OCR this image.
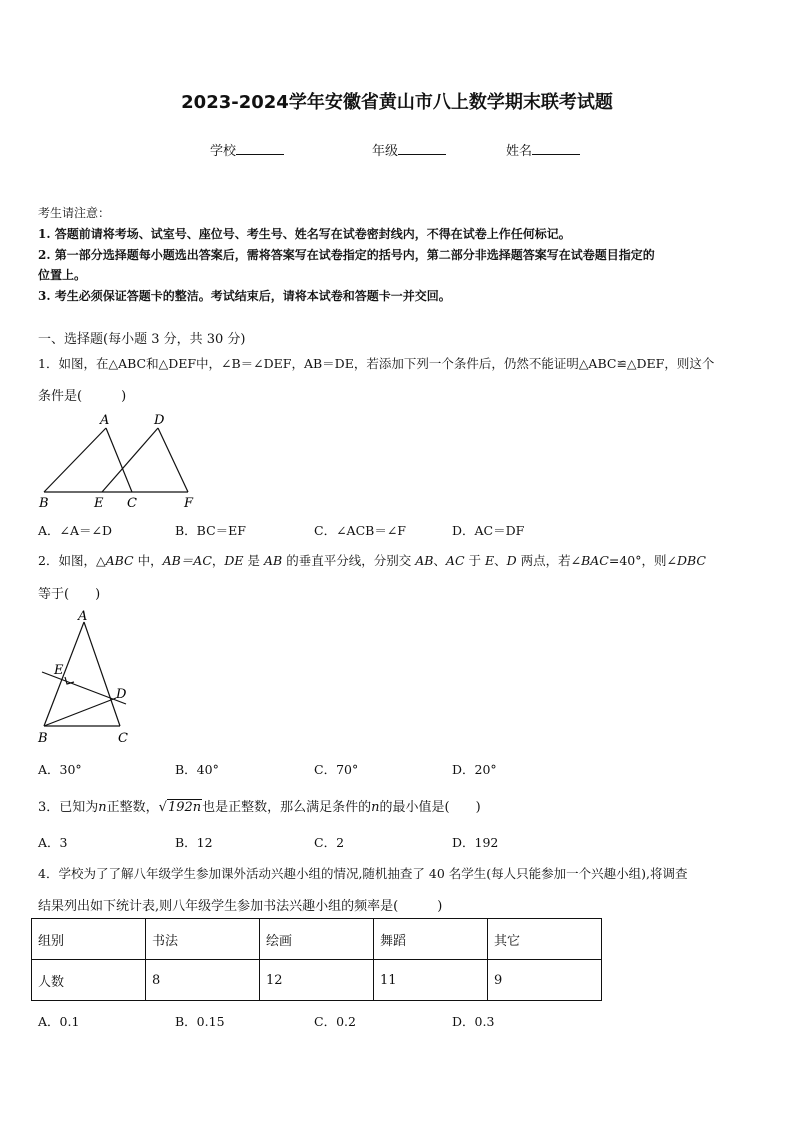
2023-2024学年安徽省黄山市八上数学期末联考试题
学校	年级	姓名
考生请注意：
1. 答题前请将考场、试室号、座位号、考生号、姓名写在试卷密封线内，不得在试卷上作任何标记。
2. 第一部分选择题每小题选出答案后，需将答案写在试卷指定的括号内，第二部分非选择题答案写在试卷题目指定的
位置上。
3. 考生必须保证答题卡的整洁。考试结束后，请将本试卷和答题卡一并交回。
一、选择题(每小题 3 分，共 30 分)
1．如图，在△ABC和△DEF中，∠B＝∠DEF，AB＝DE，若添加下列一个条件后，仍然不能证明△ABC≌△DEF，则这个
条件是(　　　)
A	D
B	E C	F
A．∠A＝∠D	B．BC＝EF	C．∠ACB＝∠F	D．AC＝DF
2．如图，△ABC 中，AB＝AC，DE 是 AB 的垂直平分线，分别交 AB、AC 于 E、D 两点，若∠BAC=40°，则∠DBC
等于(　　)
A
E
D
B	C
A．30°	B．40°	C．70°	D．20°
3．已知为n正整数，√192n也是正整数，那么满足条件的n的最小值是(　　)
A．3	B．12	C．2	D．192
4．学校为了了解八年级学生参加课外活动兴趣小组的情况,随机抽查了 40 名学生(每人只能参加一个兴趣小组),将调查
结果列出如下统计表,则八年级学生参加书法兴趣小组的频率是(　　　)
组别	书法	绘画	舞蹈	其它
人数	8	12	11	9
A．0.1	B．0.15	C．0.2	D．0.3
